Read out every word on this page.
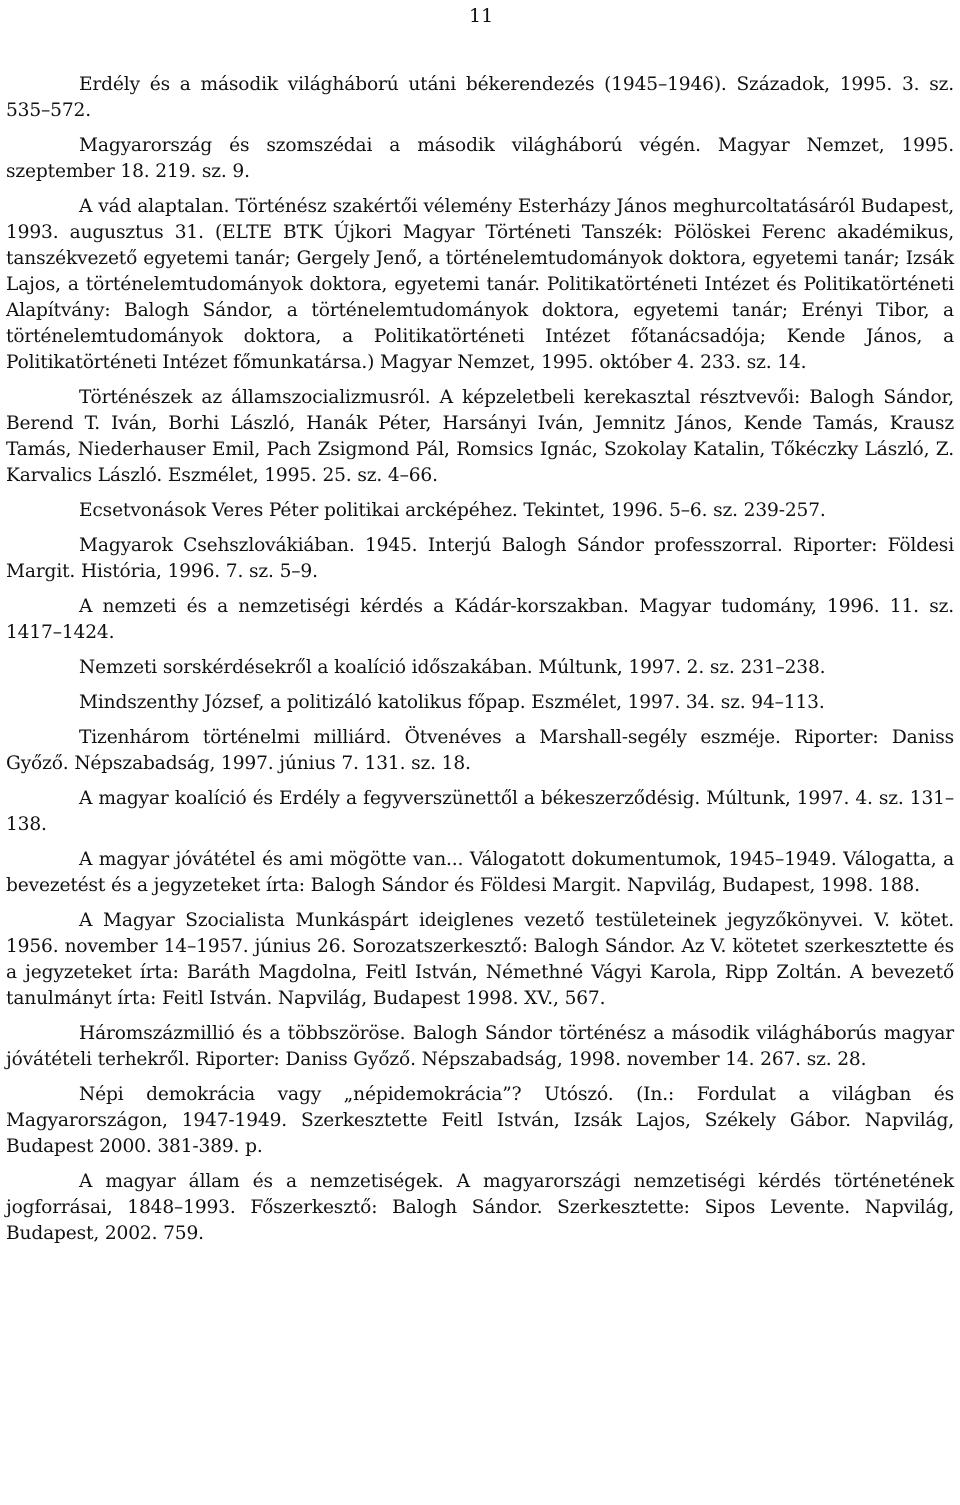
11

Erdély és a második világháború utáni békerendezés (1945–1946). Századok, 1995. 3. sz. 535–572.

Magyarország és szomszédai a második világháború végén. Magyar Nemzet, 1995. szeptember 18. 219. sz. 9.

A vád alaptalan. Történész szakértői vélemény Esterházy János meghurcoltatásáról Budapest, 1993. augusztus 31. (ELTE BTK Újkori Magyar Történeti Tanszék: Pölöskei Ferenc akadémikus, tanszékvezető egyetemi tanár; Gergely Jenő, a történelemtudományok doktora, egyetemi tanár; Izsák Lajos, a történelemtudományok doktora, egyetemi tanár. Politikatörténeti Intézet és Politikatörténeti Alapítvány: Balogh Sándor, a történelemtudományok doktora, egyetemi tanár; Erényi Tibor, a történelemtudományok doktora, a Politikatörténeti Intézet főtanácsadója; Kende János, a Politikatörténeti Intézet főmunkatársa.) Magyar Nemzet, 1995. október 4. 233. sz. 14.

Történészek az államszocializmusról. A képzeletbeli kerekasztal résztvevői: Balogh Sándor, Berend T. Iván, Borhi László, Hanák Péter, Harsányi Iván, Jemnitz János, Kende Tamás, Krausz Tamás, Niederhauser Emil, Pach Zsigmond Pál, Romsics Ignác, Szokolay Katalin, Tőkéczky László, Z. Karvalics László. Eszmélet, 1995. 25. sz. 4–66.

Ecsetvonások Veres Péter politikai arcképéhez. Tekintet, 1996. 5–6. sz. 239-257.

Magyarok Csehszlovákiában. 1945. Interjú Balogh Sándor professzorral. Riporter: Földesi Margit. História, 1996. 7. sz. 5–9.

A nemzeti és a nemzetiségi kérdés a Kádár-korszakban. Magyar tudomány, 1996. 11. sz. 1417–1424.

Nemzeti sorskérdésekről a koalíció időszakában. Múltunk, 1997. 2. sz. 231–238.

Mindszenthy József, a politizáló katolikus főpap. Eszmélet, 1997. 34. sz. 94–113.

Tizenhárom történelmi milliárd. Ötvenéves a Marshall-segély eszméje. Riporter: Daniss Győző. Népszabadság, 1997. június 7. 131. sz. 18.

A magyar koalíció és Erdély a fegyverszünettől a békeszerződésig. Múltunk, 1997. 4. sz. 131–138.

A magyar jóvátétel és ami mögötte van... Válogatott dokumentumok, 1945–1949. Válogatta, a bevezetést és a jegyzeteket írta: Balogh Sándor és Földesi Margit. Napvilág, Budapest, 1998. 188.

A Magyar Szocialista Munkáspárt ideiglenes vezető testületeinek jegyzőkönyvei. V. kötet. 1956. november 14–1957. június 26. Sorozatszerkesztő: Balogh Sándor. Az V. kötetet szerkesztette és a jegyzeteket írta: Baráth Magdolna, Feitl István, Némethné Vágyi Karola, Ripp Zoltán. A bevezető tanulmányt írta: Feitl István. Napvilág, Budapest 1998. XV., 567.

Háromszázmillió és a többszöröse. Balogh Sándor történész a második világháborús magyar jóvátételi terhekről. Riporter: Daniss Győző. Népszabadság, 1998. november 14. 267. sz. 28.

Népi demokrácia vagy „népidemokrácia”? Utószó. (In.: Fordulat a világban és Magyarországon, 1947-1949. Szerkesztette Feitl István, Izsák Lajos, Székely Gábor. Napvilág, Budapest 2000. 381-389. p.

A magyar állam és a nemzetiségek. A magyarországi nemzetiségi kérdés történetének jogforrásai, 1848–1993. Főszerkesztő: Balogh Sándor. Szerkesztette: Sipos Levente. Napvilág, Budapest, 2002. 759.
